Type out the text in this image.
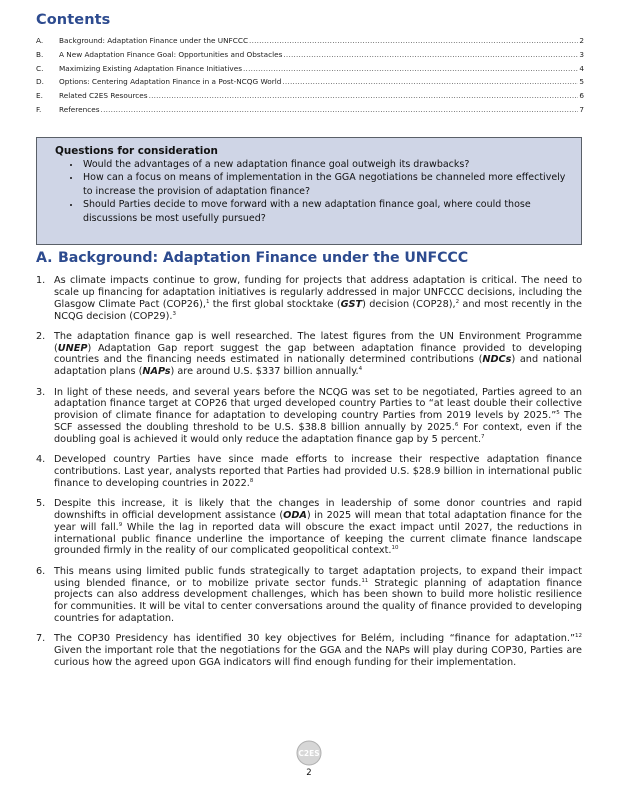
Contents
A.	Background: Adaptation Finance under the UNFCCC .....	2
B.	A New Adaptation Finance Goal: Opportunities and Obstacles .....	3
C.	Maximizing Existing Adaptation Finance Initiatives .....	4
D.	Options: Centering Adaptation Finance in a Post-NCQG World .....	5
E.	Related C2ES Resources .....	6
F.	References .....	7
Questions for consideration
• Would the advantages of a new adaptation finance goal outweigh its drawbacks?
• How can a focus on means of implementation in the GGA negotiations be channeled more effectively to increase the provision of adaptation finance?
• Should Parties decide to move forward with a new adaptation finance goal, where could those discussions be most usefully pursued?
A. Background: Adaptation Finance under the UNFCCC
1. As climate impacts continue to grow, funding for projects that address adaptation is critical. The need to scale up financing for adaptation initiatives is regularly addressed in major UNFCCC decisions, including the Glasgow Climate Pact (COP26),$^1$ the first global stocktake (GST) decision (COP28),$^2$ and most recently in the NCQG decision (COP29).$^3$
2. The adaptation finance gap is well researched. The latest figures from the UN Environment Programme (UNEP) Adaptation Gap report suggest the gap between adaptation finance provided to developing countries and the financing needs estimated in nationally determined contributions (NDCs) and national adaptation plans (NAPs) are around U.S. $337 billion annually.$^4$
3. In light of these needs, and several years before the NCQG was set to be negotiated, Parties agreed to an adaptation finance target at COP26 that urged developed country Parties to “at least double their collective provision of climate finance for adaptation to developing country Parties from 2019 levels by 2025.”$^5$ The SCF assessed the doubling threshold to be U.S. $38.8 billion annually by 2025.$^6$ For context, even if the doubling goal is achieved it would only reduce the adaptation finance gap by 5 percent.$^7$
4. Developed country Parties have since made efforts to increase their respective adaptation finance contributions. Last year, analysts reported that Parties had provided U.S. $28.9 billion in international public finance to developing countries in 2022.$^8$
5. Despite this increase, it is likely that the changes in leadership of some donor countries and rapid downshifts in official development assistance (ODA) in 2025 will mean that total adaptation finance for the year will fall.$^9$ While the lag in reported data will obscure the exact impact until 2027, the reductions in international public finance underline the importance of keeping the current climate finance landscape grounded firmly in the reality of our complicated geopolitical context.$^{10}$
6. This means using limited public funds strategically to target adaptation projects, to expand their impact using blended finance, or to mobilize private sector funds.$^{11}$ Strategic planning of adaptation finance projects can also address development challenges, which has been shown to build more holistic resilience for communities. It will be vital to center conversations around the quality of finance provided to developing countries for adaptation.
7. The COP30 Presidency has identified 30 key objectives for Belém, including “finance for adaptation.”$^{12}$ Given the important role that the negotiations for the GGA and the NAPs will play during COP30, Parties are curious how the agreed upon GGA indicators will find enough funding for their implementation.
C2ES
2
